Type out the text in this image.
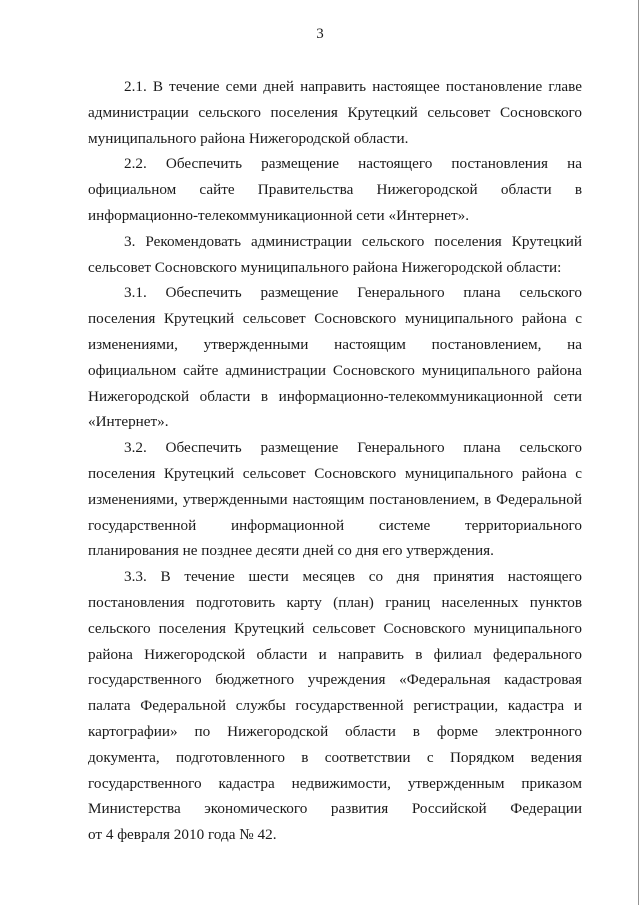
3

2.1. В течение семи дней направить настоящее постановление главе
администрации сельского поселения Крутецкий сельсовет Сосновского
муниципального района Нижегородской области.

2.2. Обеспечить размещение настоящего постановления на
официальном сайте Правительства Нижегородской области в
информационно-телекоммуникационной сети «Интернет».

3. Рекомендовать администрации сельского поселения Крутецкий
сельсовет Сосновского муниципального района Нижегородской области:

3.1. Обеспечить размещение Генерального плана сельского
поселения Крутецкий сельсовет Сосновского муниципального района с
изменениями, утвержденными настоящим постановлением, на
официальном сайте администрации Сосновского муниципального района
Нижегородской области в информационно-телекоммуникационной сети
«Интернет».

3.2. Обеспечить размещение Генерального плана сельского
поселения Крутецкий сельсовет Сосновского муниципального района с
изменениями, утвержденными настоящим постановлением, в Федеральной
государственной информационной системе территориального
планирования не позднее десяти дней со дня его утверждения.

3.3. В течение шести месяцев со дня принятия настоящего
постановления подготовить карту (план) границ населенных пунктов
сельского поселения Крутецкий сельсовет Сосновского муниципального
района Нижегородской области и направить в филиал федерального
государственного бюджетного учреждения «Федеральная кадастровая
палата Федеральной службы государственной регистрации, кадастра и
картографии» по Нижегородской области в форме электронного
документа, подготовленного в соответствии с Порядком ведения
государственного кадастра недвижимости, утвержденным приказом
Министерства экономического развития Российской Федерации
от 4 февраля 2010 года № 42.
